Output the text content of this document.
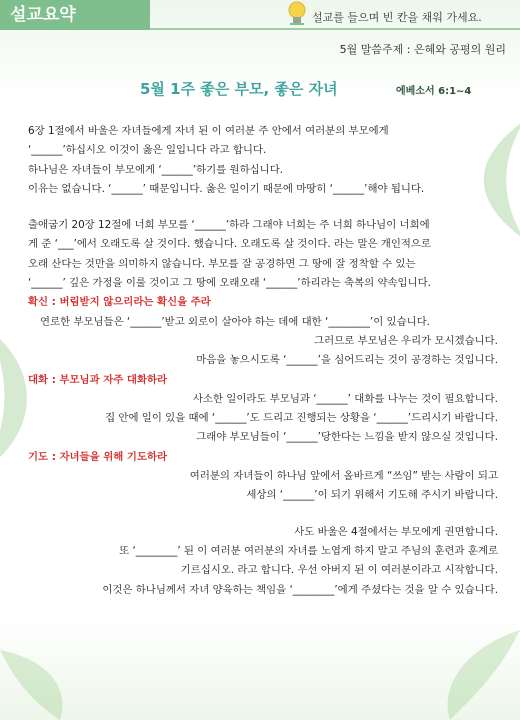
설교요약	설교를 들으며 빈 칸을 채워 가세요.
5월 말씀주제 : 은혜와 공평의 원리
5월 1주 좋은 부모, 좋은 자녀	에베소서 6:1~4

6장 1절에서 바울은 자녀들에게 자녀 된 이 여러분 주 안에서 여러분의 부모에게

‘______’하십시오 이것이 옳은 일입니다 라고 합니다.

하나님은 자녀들이 부모에게 ‘______’하기를 원하십니다.

이유는 없습니다. ‘______’ 때문입니다. 옳은 일이기 때문에 마땅히 ‘______’해야 됩니다.

출애굽기 20장 12절에 너희 부모를 ‘______’하라 그래야 너희는 주 너희 하나님이 너희에

게 준 ‘___’에서 오래도록 살 것이다. 했습니다. 오래도록 살 것이다. 라는 말은 개인적으로

오래 산다는 것만을 의미하지 않습니다. 부모를 잘 공경하면 그 땅에 잘 정착할 수 있는

‘______’ 깊은 가정을 이룰 것이고 그 땅에 오래오래 ‘______’하리라는 축복의 약속입니다.

확신 : 버림받지 않으리라는 확신을 주라

연로한 부모님들은 ‘______’받고 외로이 살아야 하는 데에 대한 ‘________’이 있습니다.

그러므로 부모님은 우리가 모시겠습니다.

마음을 놓으시도록 ‘______’을 심어드리는 것이 공경하는 것입니다.

대화 : 부모님과 자주 대화하라

사소한 일이라도 부모님과 ‘______’ 대화를 나누는 것이 필요합니다.

집 안에 일이 있을 때에 ‘______’도 드리고 진행되는 상황을 ‘______’드리시기 바랍니다.

그래야 부모님들이 ‘______’당한다는 느낌을 받지 않으실 것입니다.

기도 : 자녀들을 위해 기도하라

여러분의 자녀들이 하나님 앞에서 올바르게 “쓰임” 받는 사람이 되고

세상의 ‘______’이 되기 위해서 기도해 주시기 바랍니다.

사도 바울은 4절에서는 부모에게 권면합니다.

또 ‘________’ 된 이 여러분 여러분의 자녀를 노엽게 하지 말고 주님의 훈련과 훈계로

기르십시오. 라고 합니다. 우선 아버지 된 이 여러분이라고 시작합니다.

이것은 하나님께서 자녀 양육하는 책임을 ‘________’에게 주셨다는 것을 알 수 있습니다.
